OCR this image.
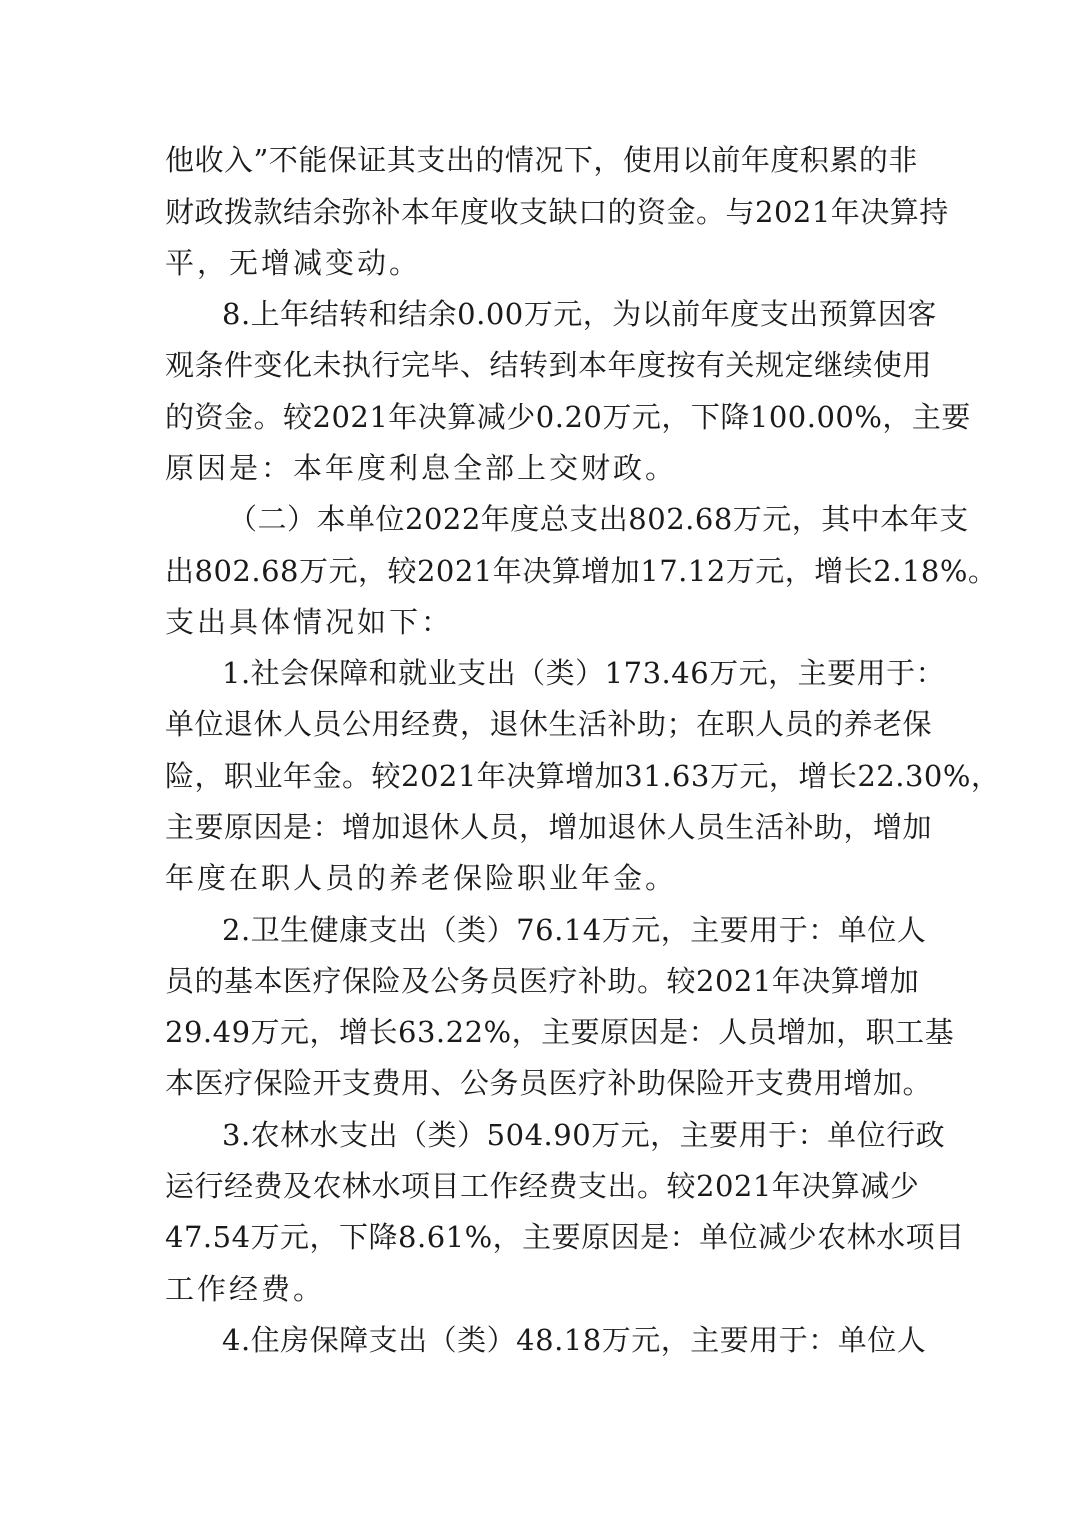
他收入”不能保证其支出的情况下，使用以前年度积累的非
财政拨款结余弥补本年度收支缺口的资金。与2021年决算持
平，无增减变动。
8.上年结转和结余0.00万元，为以前年度支出预算因客
观条件变化未执行完毕、结转到本年度按有关规定继续使用
的资金。较2021年决算减少0.20万元，下降100.00%，主要
原因是：本年度利息全部上交财政。
（二）本单位2022年度总支出802.68万元，其中本年支
出802.68万元，较2021年决算增加17.12万元，增长2.18%。
支出具体情况如下：
1.社会保障和就业支出（类）173.46万元，主要用于：
单位退休人员公用经费，退休生活补助；在职人员的养老保
险，职业年金。较2021年决算增加31.63万元，增长22.30%，
主要原因是：增加退休人员，增加退休人员生活补助，增加
年度在职人员的养老保险职业年金。
2.卫生健康支出（类）76.14万元，主要用于：单位人
员的基本医疗保险及公务员医疗补助。较2021年决算增加
29.49万元，增长63.22%，主要原因是：人员增加，职工基
本医疗保险开支费用、公务员医疗补助保险开支费用增加。
3.农林水支出（类）504.90万元，主要用于：单位行政
运行经费及农林水项目工作经费支出。较2021年决算减少
47.54万元，下降8.61%，主要原因是：单位减少农林水项目
工作经费。
4.住房保障支出（类）48.18万元，主要用于：单位人
